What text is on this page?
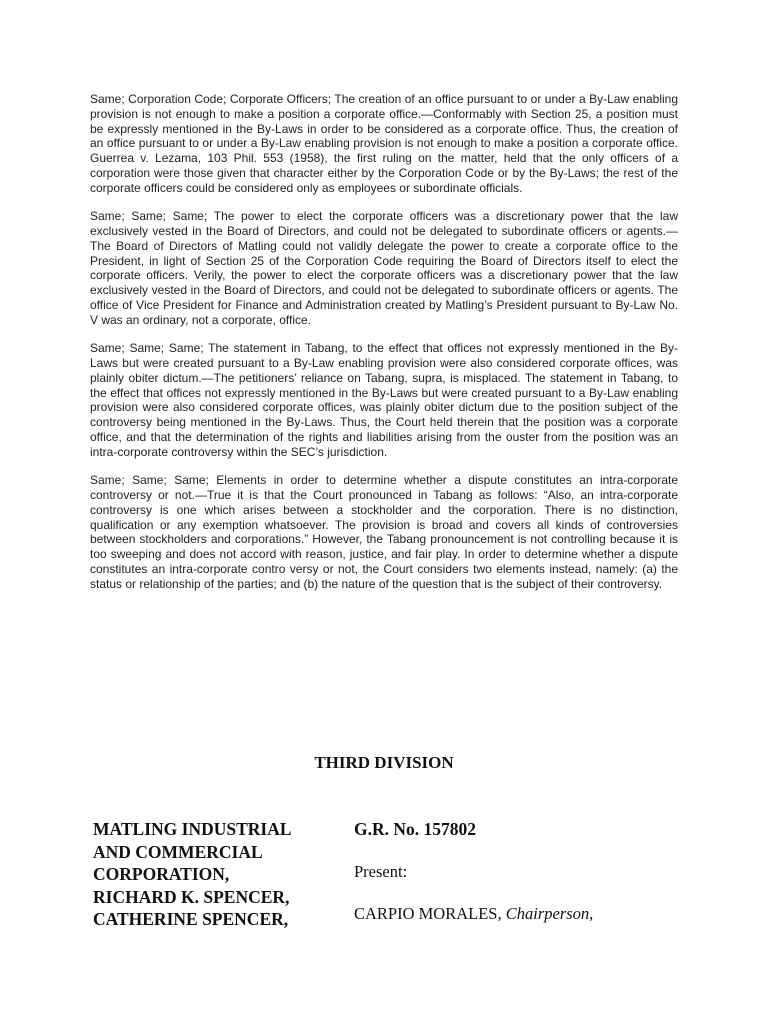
Same; Corporation Code; Corporate Officers; The creation of an office pursuant to or under a By-Law enabling provision is not enough to make a position a corporate office.—Conformably with Section 25, a position must be expressly mentioned in the By-Laws in order to be considered as a corporate office. Thus, the creation of an office pursuant to or under a By-Law enabling provision is not enough to make a position a corporate office. Guerrea v. Lezama, 103 Phil. 553 (1958), the first ruling on the matter, held that the only officers of a corporation were those given that character either by the Corporation Code or by the By-Laws; the rest of the corporate officers could be considered only as employees or subordinate officials.

Same; Same; Same; The power to elect the corporate officers was a discretionary power that the law exclusively vested in the Board of Directors, and could not be delegated to subordinate officers or agents.—The Board of Directors of Matling could not validly delegate the power to create a corporate office to the President, in light of Section 25 of the Corporation Code requiring the Board of Directors itself to elect the corporate officers. Verily, the power to elect the corporate officers was a discretionary power that the law exclusively vested in the Board of Directors, and could not be delegated to subordinate officers or agents. The office of Vice President for Finance and Administration created by Matling’s President pursuant to By-Law No. V was an ordinary, not a corporate, office.

Same; Same; Same; The statement in Tabang, to the effect that offices not expressly mentioned in the By-Laws but were created pursuant to a By-Law enabling provision were also considered corporate offices, was plainly obiter dictum.—The petitioners’ reliance on Tabang, supra, is misplaced. The statement in Tabang, to the effect that offices not expressly mentioned in the By-Laws but were created pursuant to a By-Law enabling provision were also considered corporate offices, was plainly obiter dictum due to the position subject of the controversy being mentioned in the By-Laws. Thus, the Court held therein that the position was a corporate office, and that the determination of the rights and liabilities arising from the ouster from the position was an intra-corporate controversy within the SEC’s jurisdiction.

Same; Same; Same; Elements in order to determine whether a dispute constitutes an intra-corporate controversy or not.—True it is that the Court pronounced in Tabang as follows: “Also, an intra-corporate controversy is one which arises between a stockholder and the corporation. There is no distinction, qualification or any exemption whatsoever. The provision is broad and covers all kinds of controversies between stockholders and corporations.” However, the Tabang pronouncement is not controlling because it is too sweeping and does not accord with reason, justice, and fair play. In order to determine whether a dispute constitutes an intra-corporate contro versy or not, the Court considers two elements instead, namely: (a) the status or relationship of the parties; and (b) the nature of the question that is the subject of their controversy.

THIRD DIVISION
MATLING INDUSTRIAL
AND COMMERCIAL
CORPORATION,
RICHARD K. SPENCER,
CATHERINE SPENCER,
G.R. No. 157802
Present:
CARPIO MORALES, Chairperson,
